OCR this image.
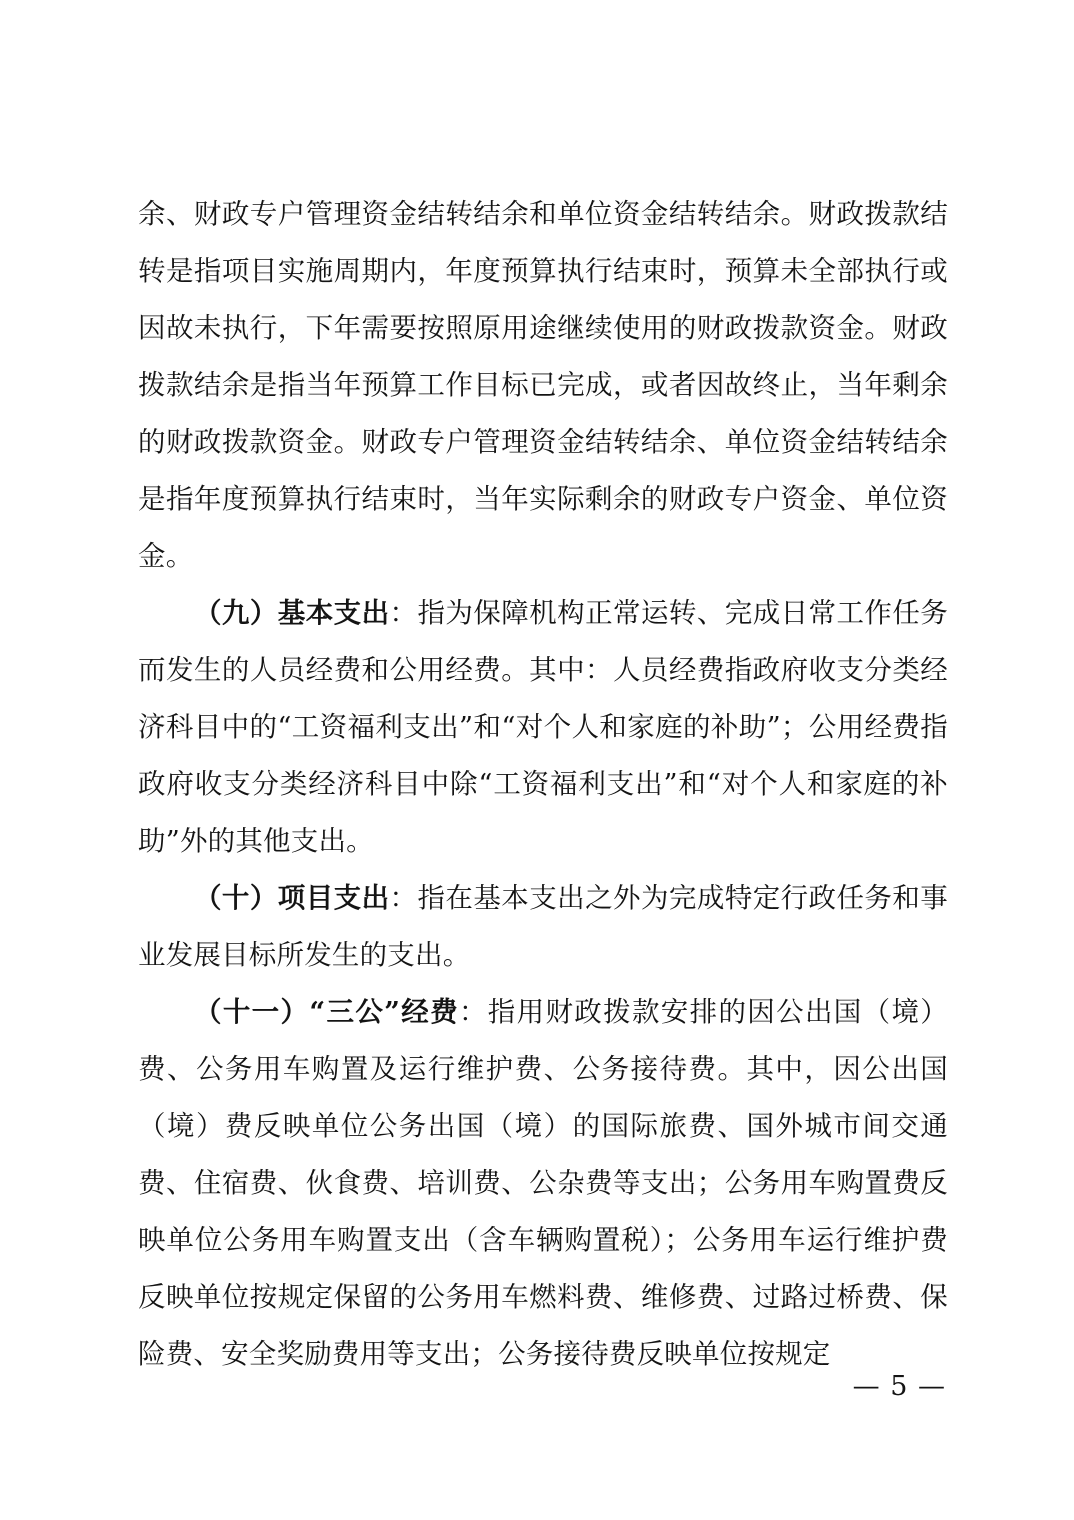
余、财政专户管理资金结转结余和单位资金结转结余。财政拨款结转是指项目实施周期内，年度预算执行结束时，预算未全部执行或因故未执行，下年需要按照原用途继续使用的财政拨款资金。财政拨款结余是指当年预算工作目标已完成，或者因故终止，当年剩余的财政拨款资金。财政专户管理资金结转结余、单位资金结转结余是指年度预算执行结束时，当年实际剩余的财政专户资金、单位资金。

（九）基本支出：指为保障机构正常运转、完成日常工作任务而发生的人员经费和公用经费。其中：人员经费指政府收支分类经济科目中的“工资福利支出”和“对个人和家庭的补助”；公用经费指政府收支分类经济科目中除“工资福利支出”和“对个人和家庭的补助”外的其他支出。

（十）项目支出：指在基本支出之外为完成特定行政任务和事业发展目标所发生的支出。

（十一）“三公”经费：指用财政拨款安排的因公出国（境）费、公务用车购置及运行维护费、公务接待费。其中，因公出国（境）费反映单位公务出国（境）的国际旅费、国外城市间交通费、住宿费、伙食费、培训费、公杂费等支出；公务用车购置费反映单位公务用车购置支出（含车辆购置税）；公务用车运行维护费反映单位按规定保留的公务用车燃料费、维修费、过路过桥费、保险费、安全奖励费用等支出；公务接待费反映单位按规定

— 5 —
